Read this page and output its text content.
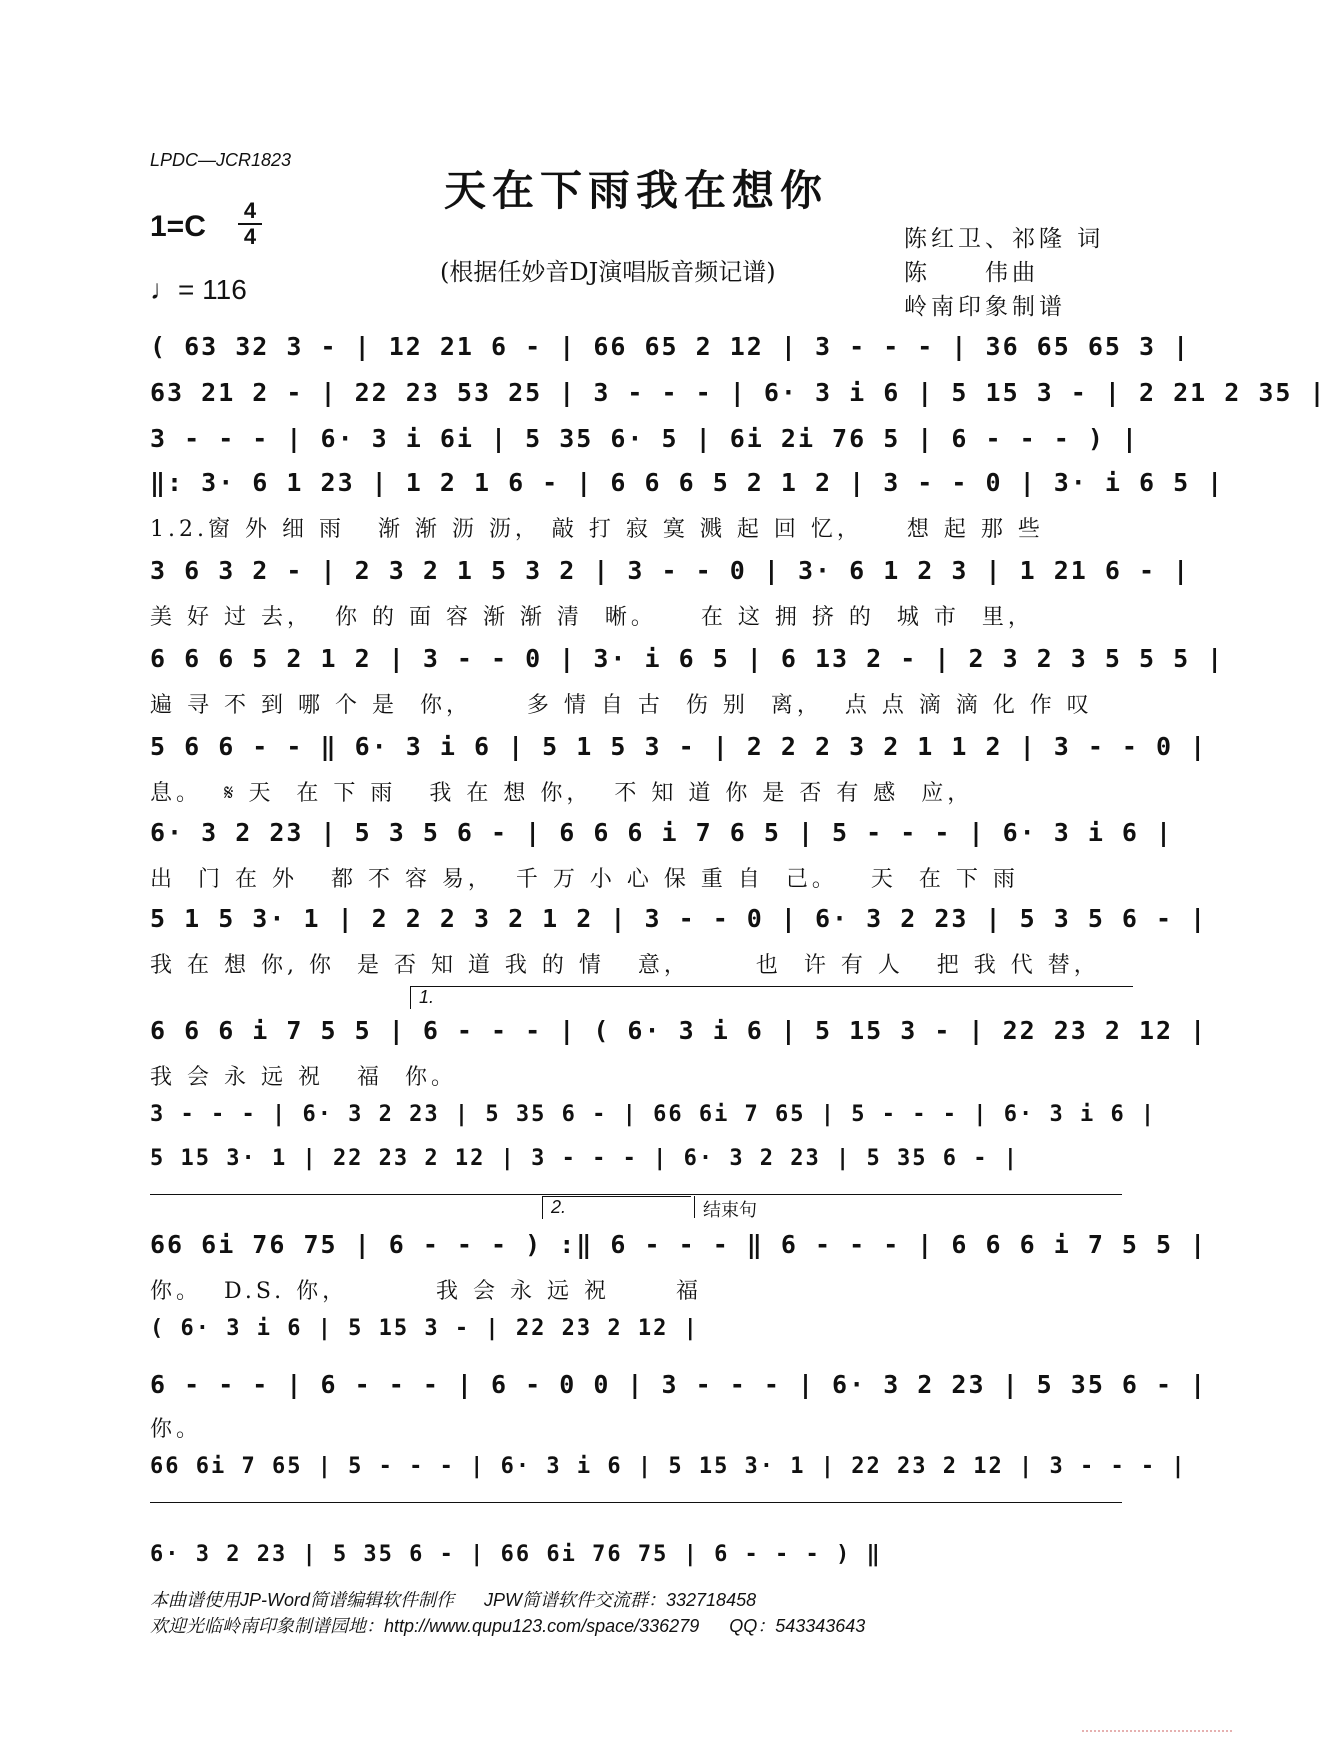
LPDC—JCR1823
天在下雨我在想你
1=C 4
4
♩= 116
(根据任妙音DJ演唱版音频记谱)
陈红卫、祁隆 词
陈　　伟曲
岭南印象制谱
( 63 32 3 - | 12 21 6 - | 66 65 2 12 | 3 - - - | 36 65 65 3 |
63 21 2 - | 22 23 53 25 | 3 - - - | 6· 3 i 6 | 5 15 3 - | 2 21 2 35 |
3 - - - | 6· 3 i 6i | 5 35 6· 5 | 6i 2i 76 5 | 6 - - - ) |
‖: 3· 6 1 23 | 1 2 1 6 - | 6 6 6 5 2 1 2 | 3 - - 0 | 3· i 6 5 |
1.2.窗 外 细 雨   渐 渐 沥 沥， 敲 打 寂 寞 溅 起 回 忆，    想 起 那 些
3 6 3 2 - | 2 3 2 1 5 3 2 | 3 - - 0 | 3· 6 1 2 3 | 1 21 6 - |
美 好 过 去，  你 的 面 容 渐 渐 清  晰。    在 这 拥 挤 的  城 市  里，
6 6 6 5 2 1 2 | 3 - - 0 | 3· i 6 5 | 6 13 2 - | 2 3 2 3 5 5 5 |
遍 寻 不 到 哪 个 是  你，     多 情 自 古  伤 别  离，  点 点 滴 滴 化 作 叹
5 6 6 - - ‖ 6· 3 i 6 | 5 1 5 3 - | 2 2 2 3 2 1 1 2 | 3 - - 0 |
息。  𝄋 天  在 下 雨   我 在 想 你，  不 知 道 你 是 否 有 感  应，
6· 3 2 23 | 5 3 5 6 - | 6 6 6 i 7 6 5 | 5 - - - | 6· 3 i 6 |
出  门 在 外   都 不 容 易，  千 万 小 心 保 重 自  己。   天  在 下 雨
5 1 5 3· 1 | 2 2 2 3 2 1 2 | 3 - - 0 | 6· 3 2 23 | 5 3 5 6 - |
我 在 想 你, 你  是 否 知 道 我 的 情   意，      也  许 有 人   把 我 代 替，
1.
6 6 6 i 7 5 5 | 6 - - - | ( 6· 3 i 6 | 5 15 3 - | 22 23 2 12 |
我 会 永 远 祝   福  你。
3 - - - | 6· 3 2 23 | 5 35 6 - | 66 6i 7 65 | 5 - - - | 6· 3 i 6 |
5 15 3· 1 | 22 23 2 12 | 3 - - - | 6· 3 2 23 | 5 35 6 - |
2.	结束句
66 6i 76 75 | 6 - - - ) :‖ 6 - - - ‖ 6 - - - | 6 6 6 i 7 5 5 |
你。  D.S. 你，        我 会 永 远 祝      福
( 6· 3 i 6 | 5 15 3 - | 22 23 2 12 |
6 - - - | 6 - - - | 6 - 0 0 | 3 - - - | 6· 3 2 23 | 5 35 6 - |
你。
66 6i 7 65 | 5 - - - | 6· 3 i 6 | 5 15 3· 1 | 22 23 2 12 | 3 - - - |
6· 3 2 23 | 5 35 6 - | 66 6i 76 75 | 6 - - - ) ‖
本曲谱使用JP-Word简谱编辑软件制作      JPW简谱软件交流群：332718458
欢迎光临岭南印象制谱园地：http://www.qupu123.com/space/336279      QQ：543343643
